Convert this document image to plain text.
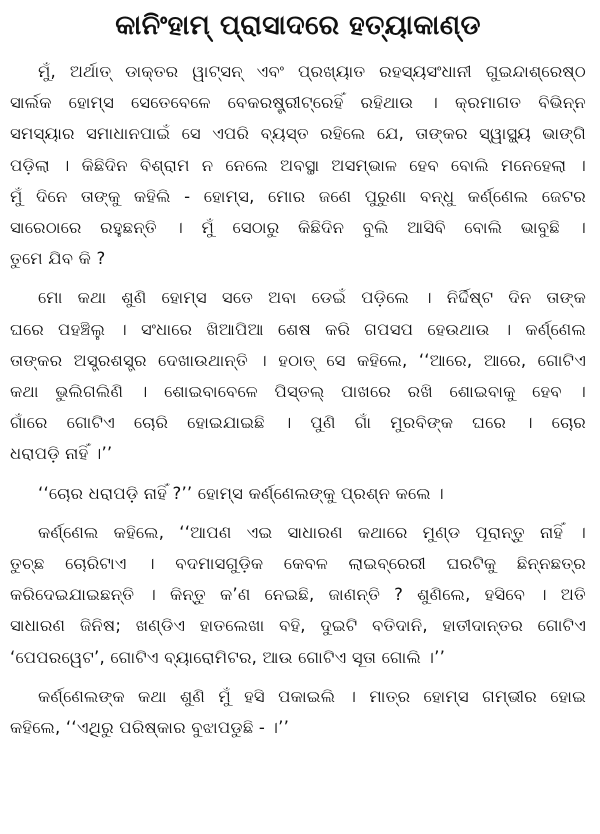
କାନିଂହାମ୍ ପ୍ରାସାଦରେ ହତ୍ୟାକାଣ୍ଡ
ମୁଁ, ଅର୍ଥାତ୍ ଡାକ୍ତର ୱାଟ୍ସନ୍ ଏବଂ ପ୍ରଖ୍ୟାତ ରହସ୍ୟସଂଧାନୀ ଗୁଇନ୍ଦାଶ୍ରେଷ୍ଠ
ସାର୍ଲକ ହୋମ୍‌ସ ସେତେବେଳେ ବେକରଷ୍ଟ୍ରୀଟ୍‌ରେହିଁ ରହିଥାଉ । କ୍ରମାଗତ ବିଭିନ୍ନ
ସମସ୍ୟାର ସମାଧାନପାଇଁ ସେ ଏପରି ବ୍ୟସ୍ତ ରହିଲେ ଯେ, ତାଙ୍କର ସ୍ୱାସ୍ଥ୍ୟ ଭାଙ୍ଗି
ପଡ଼ିଲା । କିଛିଦିନ ବିଶ୍ରାମ ନ ନେଲେ ଅବସ୍ଥା ଅସମ୍ଭାଳ ହେବ ବୋଲି ମନେହେଲା ।
ମୁଁ ଦିନେ ତାଙ୍କୁ କହିଲି - ହୋମ୍‌ସ, ମୋର ଜଣେ ପୁରୁଣା ବନ୍ଧୁ କର୍ଣ୍ଣେଲ ଜେଟର
ସାରେଠାରେ ରହୁଛନ୍ତି । ମୁଁ ସେଠାରୁ କିଛିଦିନ ବୁଲି ଆସିବି ବୋଲି ଭାବୁଛି ।
ତୁମେ ଯିବ କି ?
ମୋ କଥା ଶୁଣି ହୋମ୍‌ସ ସତେ ଅବା ଡେଇଁ ପଡ଼ିଲେ । ନିର୍ଦ୍ଦିଷ୍ଟ ଦିନ ତାଙ୍କ
ଘରେ ପହଞ୍ଚିଲୁ । ସଂଧାରେ ଖିଆପିଆ ଶେଷ କରି ଗପସପ ହେଉଥାଉ । କର୍ଣ୍ଣେଲ
ତାଙ୍କର ଅସ୍ତ୍ରଶସ୍ତ୍ର ଦେଖାଉଥାନ୍ତି । ହଠାତ୍ ସେ କହିଲେ, ‘‘ଆରେ, ଆରେ, ଗୋଟିଏ
କଥା ଭୁଲିଗଲିଣି । ଶୋଇବାବେଳେ ପିସ୍ତଲ୍ ପାଖରେ ରଖି ଶୋଇବାକୁ ହେବ ।
ଗାଁରେ ଗୋଟିଏ ଚୋରି ହୋଇଯାଇଛି । ପୁଣି ଗାଁ ମୁରବିଙ୍କ ଘରେ । ଚୋର
ଧରାପଡ଼ି ନାହିଁ ।’’
‘‘ଚୋର ଧରାପଡ଼ି ନାହିଁ ?’’ ହୋମ୍‌ସ କର୍ଣ୍ଣେଲଙ୍କୁ ପ୍ରଶ୍ନ କଲେ ।
କର୍ଣ୍ଣେଲ କହିଲେ, ‘‘ଆପଣ ଏଇ ସାଧାରଣ କଥାରେ ମୁଣ୍ଡ ପୂରାନ୍ତୁ ନାହିଁ ।
ତୁଚ୍ଛ ଚୋରିଟାଏ । ବଦମାସଗୁଡ଼ିକ କେବଳ ଲାଇବ୍ରେରୀ ଘରଟିକୁ ଛିନ୍ନଛତ୍ର
କରିଦେଇଯାଇଛନ୍ତି । କିନ୍ତୁ କ’ଣ ନେଇଛି, ଜାଣନ୍ତି ? ଶୁଣିଲେ, ହସିବେ । ଅତି
ସାଧାରଣ ଜିନିଷ; ଖଣ୍ଡିଏ ହାତଲେଖା ବହି, ଦୁଇଟି ବତିଦାନି, ହାତୀଦାନ୍ତର ଗୋଟିଏ
‘ପେପରୱେଟ’, ଗୋଟିଏ ବ୍ୟାରୋମିଟର, ଆଉ ଗୋଟିଏ ସୂତା ଗୋଲି ।’’
କର୍ଣ୍ଣେଲଙ୍କ କଥା ଶୁଣି ମୁଁ ହସି ପକାଇଲି । ମାତ୍ର ହୋମ୍‌ସ ଗମ୍ଭୀର ହୋଇ
କହିଲେ, ‘‘ଏଥିରୁ ପରିଷ୍କାର ବୁଝାପଡୁଛି - ।’’
